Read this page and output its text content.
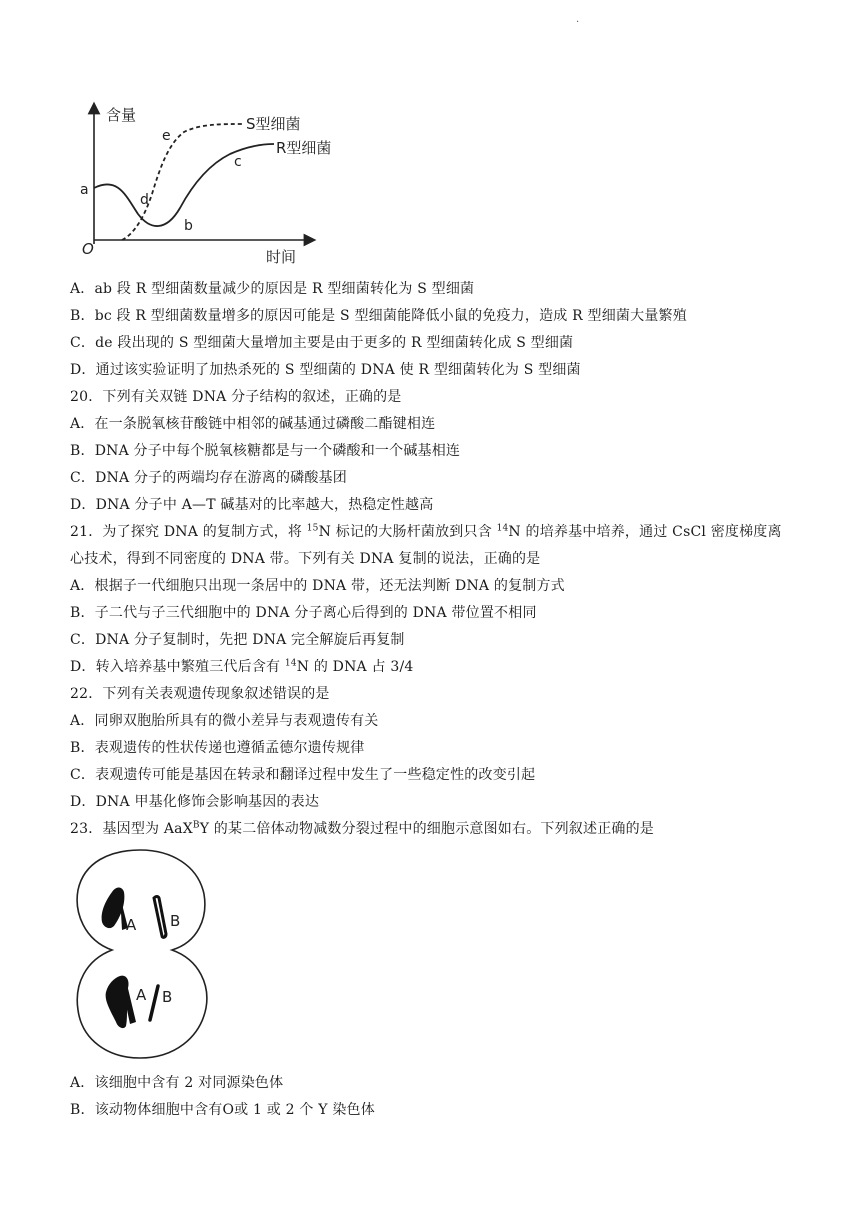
.
含量
时间
O
a
b
c
d
e
S型细菌
R型细菌
A．ab 段 R 型细菌数量减少的原因是 R 型细菌转化为 S 型细菌
B．bc 段 R 型细菌数量增多的原因可能是 S 型细菌能降低小鼠的免疫力，造成 R 型细菌大量繁殖
C．de 段出现的 S 型细菌大量增加主要是由于更多的 R 型细菌转化成 S 型细菌
D．通过该实验证明了加热杀死的 S 型细菌的 DNA 使 R 型细菌转化为 S 型细菌
20．下列有关双链 DNA 分子结构的叙述，正确的是
A．在一条脱氧核苷酸链中相邻的碱基通过磷酸二酯键相连
B．DNA 分子中每个脱氧核糖都是与一个磷酸和一个碱基相连
C．DNA 分子的两端均存在游离的磷酸基团
D．DNA 分子中 A—T 碱基对的比率越大，热稳定性越高
21．为了探究 DNA 的复制方式，将 $^{15}$N 标记的大肠杆菌放到只含 $^{14}$N 的培养基中培养，通过 CsCl 密度梯度离
心技术，得到不同密度的 DNA 带。下列有关 DNA 复制的说法，正确的是
A．根据子一代细胞只出现一条居中的 DNA 带，还无法判断 DNA 的复制方式
B．子二代与子三代细胞中的 DNA 分子离心后得到的 DNA 带位置不相同
C．DNA 分子复制时，先把 DNA 完全解旋后再复制
D．转入培养基中繁殖三代后含有 $^{14}$N 的 DNA 占 3/4
22．下列有关表观遗传现象叙述错误的是
A．同卵双胞胎所具有的微小差异与表观遗传有关
B．表观遗传的性状传递也遵循孟德尔遗传规律
C．表观遗传可能是基因在转录和翻译过程中发生了一些稳定性的改变引起
D．DNA 甲基化修饰会影响基因的表达
23．基因型为 AaX$^B$Y 的某二倍体动物减数分裂过程中的细胞示意图如右。下列叙述正确的是
A B
A B
A．该细胞中含有 2 对同源染色体
B．该动物体细胞中含有O或 1 或 2 个 Y 染色体
